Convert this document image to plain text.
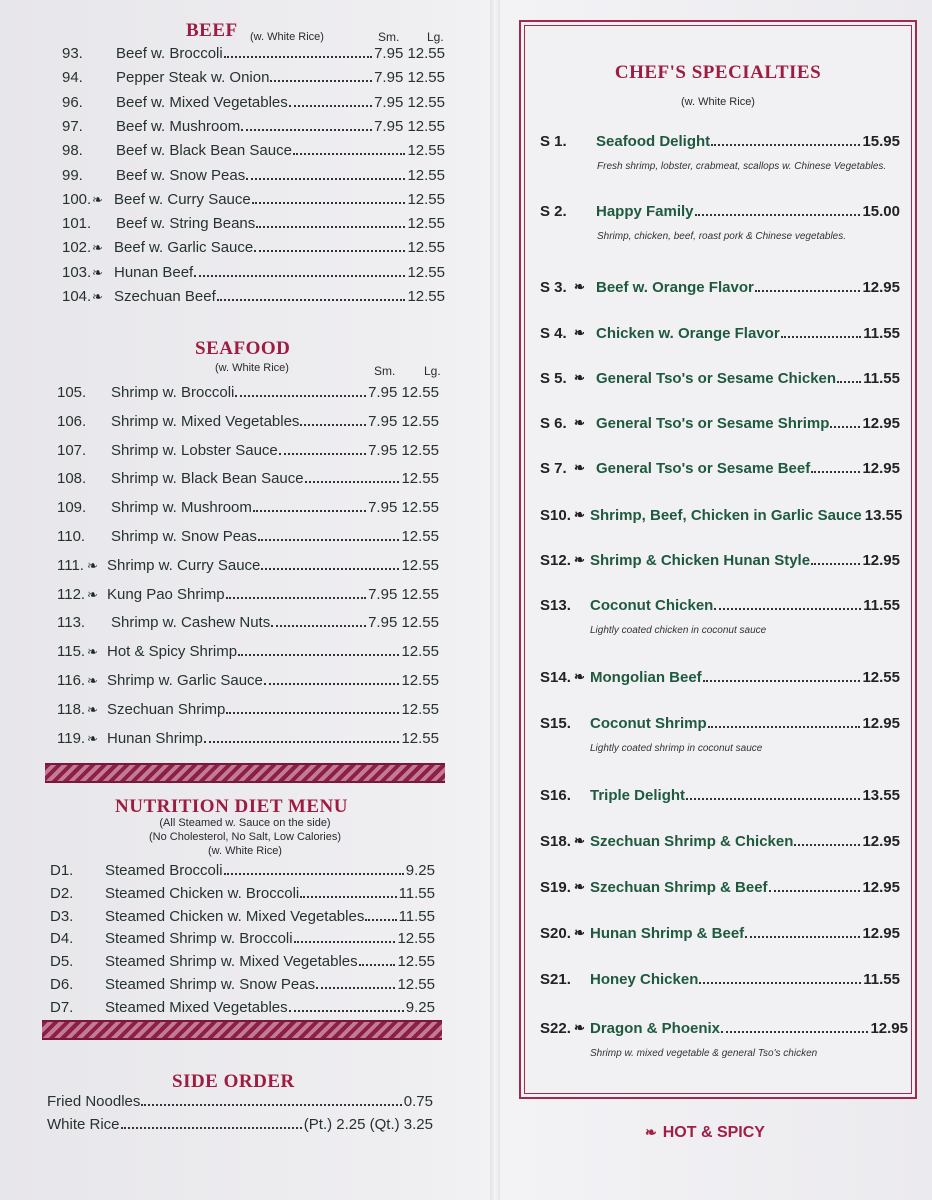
BEEF (w. White Rice)	Sm. Lg.
93. Beef w. Broccoli	7.95 12.55
94. Pepper Steak w. Onion	7.95 12.55
96. Beef w. Mixed Vegetables	7.95 12.55
97. Beef w. Mushroom	7.95 12.55
98. Beef w. Black Bean Sauce	12.55
99. Beef w. Snow Peas	12.55
100. ❧ Beef w. Curry Sauce	12.55
101. Beef w. String Beans	12.55
102. ❧ Beef w. Garlic Sauce	12.55
103. ❧ Hunan Beef	12.55
104. ❧ Szechuan Beef	12.55
SEAFOOD
(w. White Rice)	Sm. Lg.
105. Shrimp w. Broccoli	7.95 12.55
106. Shrimp w. Mixed Vegetables	7.95 12.55
107. Shrimp w. Lobster Sauce	7.95 12.55
108. Shrimp w. Black Bean Sauce	12.55
109. Shrimp w. Mushroom	7.95 12.55
110. Shrimp w. Snow Peas	12.55
111. ❧ Shrimp w. Curry Sauce	12.55
112. ❧ Kung Pao Shrimp	7.95 12.55
113. Shrimp w. Cashew Nuts	7.95 12.55
115. ❧ Hot & Spicy Shrimp	12.55
116. ❧ Shrimp w. Garlic Sauce	12.55
118. ❧ Szechuan Shrimp	12.55
119. ❧ Hunan Shrimp	12.55
NUTRITION DIET MENU
(All Steamed w. Sauce on the side)
(No Cholesterol, No Salt, Low Calories)
(w. White Rice)
D1. Steamed Broccoli	9.25
D2. Steamed Chicken w. Broccoli	11.55
D3. Steamed Chicken w. Mixed Vegetables 11.55
D4. Steamed Shrimp w. Broccoli	12.55
D5. Steamed Shrimp w. Mixed Vegetables	12.55
D6. Steamed Shrimp w. Snow Peas	12.55
D7. Steamed Mixed Vegetables	9.25
SIDE ORDER
Fried Noodles	0.75
White Rice	(Pt.) 2.25 (Qt.) 3.25
CHEF'S SPECIALTIES
(w. White Rice)
S 1. Seafood Delight	15.95
Fresh shrimp, lobster, crabmeat, scallops w. Chinese Vegetables.
S 2. Happy Family	15.00
Shrimp, chicken, beef, roast pork & Chinese vegetables.
S 3. ❧ Beef w. Orange Flavor	12.95
S 4. ❧ Chicken w. Orange Flavor	11.55
S 5. ❧ General Tso's or Sesame Chicken 11.55
S 6. ❧ General Tso's or Sesame Shrimp 12.95
S 7. ❧ General Tso's or Sesame Beef	12.95
S10. ❧ Shrimp, Beef, Chicken in Garlic Sauce 13.55
S12. ❧ Shrimp & Chicken Hunan Style	12.95
S13. Coconut Chicken	11.55
Lightly coated chicken in coconut sauce
S14. ❧ Mongolian Beef	12.55
S15. Coconut Shrimp	12.95
Lightly coated shrimp in coconut sauce
S16. Triple Delight	13.55
S18. ❧ Szechuan Shrimp & Chicken	12.95
S19. ❧ Szechuan Shrimp & Beef	12.95
S20. ❧ Hunan Shrimp & Beef	12.95
S21. Honey Chicken	11.55
S22. ❧ Dragon & Phoenix	12.95
Shrimp w. mixed vegetable & general Tso's chicken
❧ HOT & SPICY
